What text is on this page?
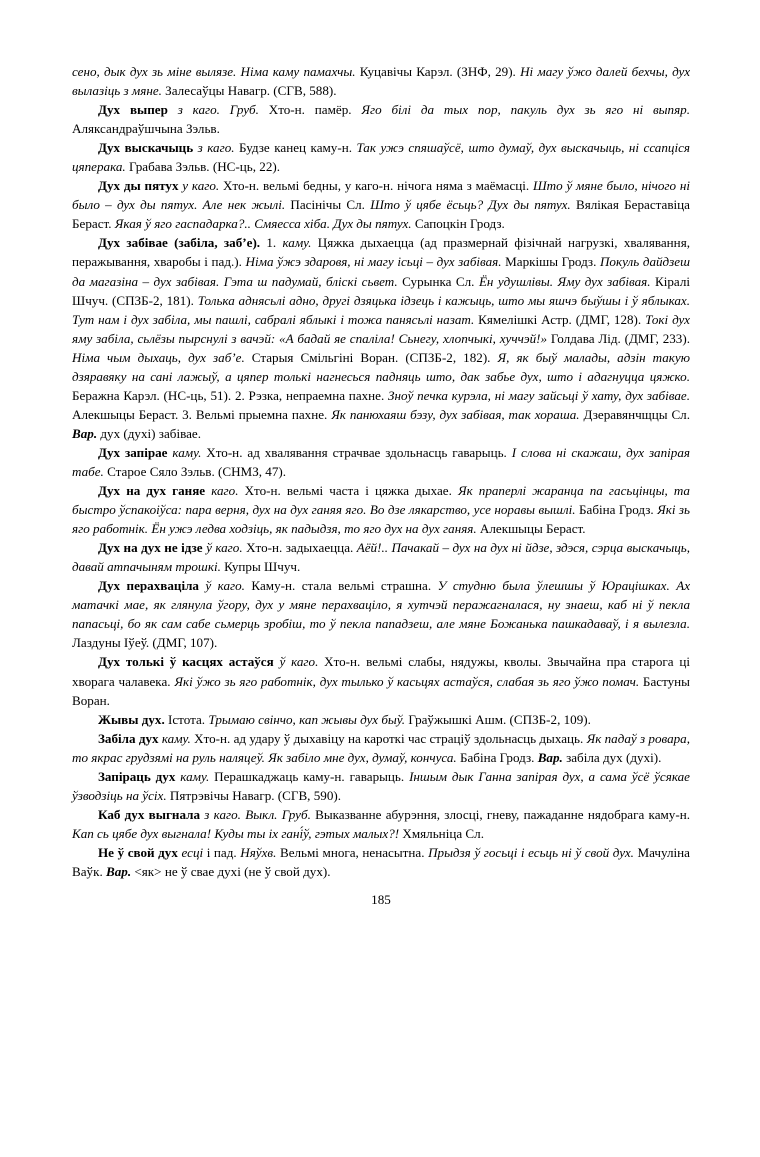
сено, дык дух зь міне вылязе. Німа каму памахчы. Куцавічы Карэл. (ЗНФ, 29). Ні магу ўжо далей бехчы, дух вылазіць з мяне. Залесаўцы Навагр. (СГВ, 588).

Дух выпер з каго. Груб. Хто-н. памёр. Яго білі да тых пор, пакуль дух зь яго ні выпяр. Аляксандраўшчына Зэльв.

Дух выскачыць з каго. Будзе канец каму-н. Так ужэ спяшаўсё, што думаў, дух выскачыць, ні ссапціся цяперака. Грабава Зэльв. (НС-ць, 22).

Дух ды пятух у каго. Хто-н. вельмі бедны, у каго-н. нічога няма з маёмасці. Што ў мяне было, нічого ні было – дух ды пятух. Але нек жылі. Пасінічы Сл. Што ў цябе ёсьць? Дух ды пятух. Вялікая Бераставіца Бераст. Якая ў яго гаспадарка?.. Смяесса хіба. Дух ды пятух. Сапоцкін Гродз.

Дух забівае (забіла, заб’е). 1. каму. Цяжка дыхаецца (ад празмернай фізічнай нагрузкі, хвалявання, пеpaжывання, хваробы і пад.). Німа ўжэ здаровя, ні магу ісьці – дух забівая. Маркішы Гродз. Покуль дайдзеш да магазіна – дух забівая. Гэта ш падумай, бліскі сьвет. Сурынка Сл. Ён удушлівы. Яму дух забівая. Кіралі Шчуч. (СПЗБ-2, 181). Толька аднясьлі адно, другі дзяцька ідзець і кажыць, што мы яшчэ быўшы і ў яблыках. Тут нам і дух забіла, мы пашлі, сабралі яблыкі і тожа панясьлі назат. Кямелішкі Астр. (ДМГ, 128). Токі дух яму забіла, сьлёзы пырснулі з вачэй: «А бадай яе спаліла! Сьнегу, хлопчыкі, хуччэй!» Голдава Лід. (ДМГ, 233). Німа чым дыхаць, дух заб’е. Старыя Смільгіні Воран. (СПЗБ-2, 182). Я, як быў малады, адзін такую дзяравяку на сані лажыў, а цяпер толькі нагнесься падняць што, дак забье дух, што і адагнуцца цяжко. Бeражна Карэл. (НС-ць, 51). 2. Рэзка, непраемна пахне. Зноў печка курэла, ні магу зайсьці ў хату, дух забівае. Алекшыцы Бераст. 3. Вельмі прыемна пахне. Як панюхаяш бэзу, дух забівая, так хораша. Дзеравянчщцы Сл. Вар. дух (духі) забівае.

Дух запірае каму. Хто-н. ад хвалявання страчвае здольнасць гаварыць. І слова ні скажаш, дух запірая табе. Старое Сяло Зэльв. (СНМЗ, 47).

Дух на дух ганяе каго. Хто-н. вельмі часта і цяжка дыхае. Як праперлі жаранца па гасьцінцы, та быстро ўспакоіўса: пара верня, дух на дух ганяя яго. Во дзе лякарство, усе норавы вышлі. Бабіна Гродз. Які зь яго работнік. Ён ужэ ледва ходзіць, як падыдзя, то яго дух на дух ганяя. Алекшыцы Бераст.

Дух на дух не ідзе ў каго. Хто-н. задыхаецца. Аёй!.. Пачакай – дух на дух ні йдзе, здэся, сэрца выскачыць, давай атпачыням трошкі. Купры Шчуч.

Дух перахваціла ў каго. Каму-н. стала вельмі страшна. У студню была ўлешшы ў Юрацішках. Ах матачкі мае, як глянула ўгору, дух у мяне перахваціло, я хутчэй пepaжагналася, ну знаеш, каб ні ў пекла папасьці, бо як сам сабе сьмерць зробіш, то ў пекла пападзеш, але мяне Божанька пашкадаваў, і я вылезла. Лаздуны Іўеў. (ДМГ, 107).

Дух толькі ў касцях астаўся ў каго. Хто-н. вельмі слабы, нядужы, кволы. Звычайна пра старога ці хворага чалавека. Які ўжо зь яго работнік, дух тылько ў касьцях астаўся, слабая зь яго ўжо помач. Бастуны Воран.

Жывы дух. Істота. Трымаю свінчо, кап жывы дух быў. Граўжышкі Ашм. (СПЗБ-2, 109).

Забіла дух каму. Хто-н. ад удару ў дыхавіцу на кароткі час страціў здольнасць дыхаць. Як падаў з ровара, то якрас грудзямі на руль наляцеў. Як забіло мне дух, думаў, кончуса. Бабіна Гродз. Вар. забіла дух (духі).

Запіраць дух каму. Перашкаджаць каму-н. гаварыць. Іншым дык Ганна запірая дух, а сама ўсё ўсякае ўзводзіць на ўсіх. Пятрэвічы Навагр. (СГВ, 590).

Каб дух выгнала з каго. Выкл. Груб. Выказванне абурэння, злосці, гневу, пажаданне нядобрага каму-н. Кап сь цябе дух выгнала! Куды ты іх гані́ў, гэтых малых?! Хмяльніца Сл.

Не ў свой дух есці і пад. Няўхв. Вельмі многа, ненасытна. Прыдзя ў госьці і есьць ні ў свой дух. Мачуліна Ваўк. Вар. <як> не ў свае духі (не ў свой дух).

185
